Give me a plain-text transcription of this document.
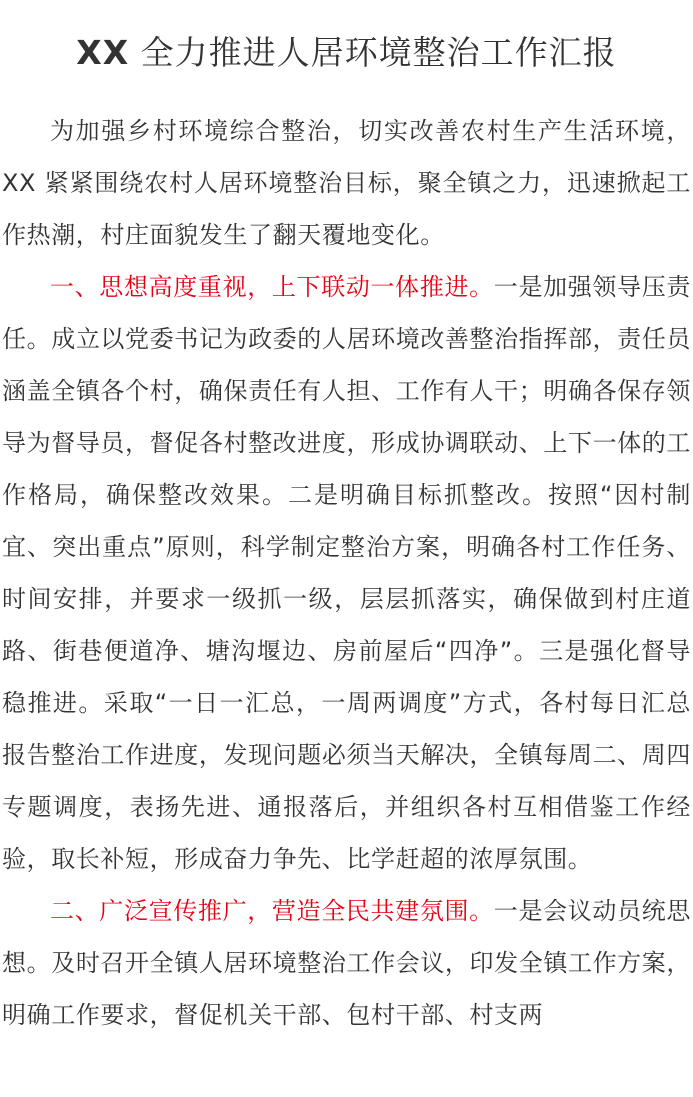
XX 全力推进人居环境整治工作汇报

为加强乡村环境综合整治，切实改善农村生产生活环境，XX 紧紧围绕农村人居环境整治目标，聚全镇之力，迅速掀起工作热潮，村庄面貌发生了翻天覆地变化。

一、思想高度重视，上下联动一体推进。一是加强领导压责任。成立以党委书记为政委的人居环境改善整治指挥部，责任员涵盖全镇各个村，确保责任有人担、工作有人干；明确各保存领导为督导员，督促各村整改进度，形成协调联动、上下一体的工作格局，确保整改效果。二是明确目标抓整改。按照“因村制宜、突出重点”原则，科学制定整治方案，明确各村工作任务、时间安排，并要求一级抓一级，层层抓落实，确保做到村庄道路、街巷便道净、塘沟堰边、房前屋后“四净”。三是强化督导稳推进。采取“一日一汇总，一周两调度”方式，各村每日汇总报告整治工作进度，发现问题必须当天解决，全镇每周二、周四专题调度，表扬先进、通报落后，并组织各村互相借鉴工作经验，取长补短，形成奋力争先、比学赶超的浓厚氛围。

二、广泛宣传推广，营造全民共建氛围。一是会议动员统思想。及时召开全镇人居环境整治工作会议，印发全镇工作方案，明确工作要求，督促机关干部、包村干部、村支两
